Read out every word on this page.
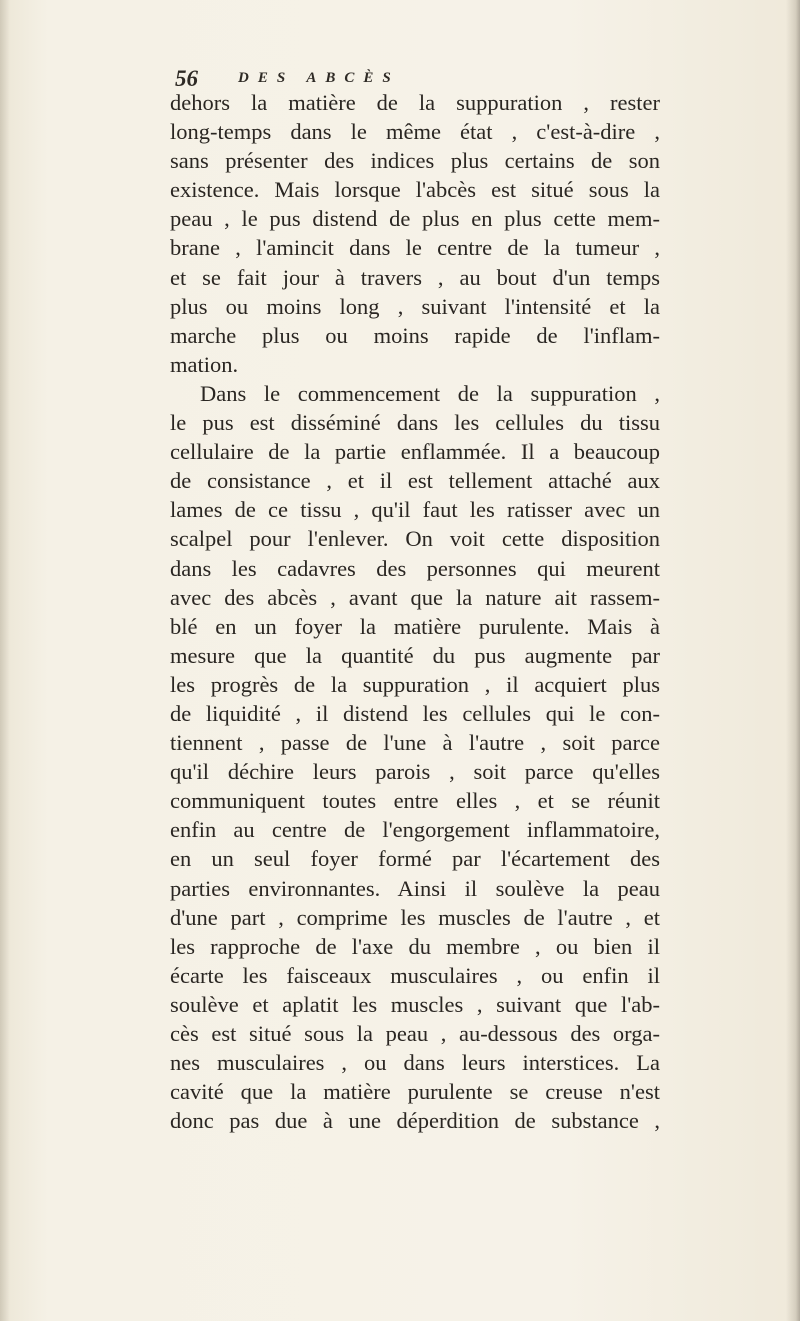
56	DES ABCÈS
dehors la matière de la suppuration , rester
long-temps dans le même état , c'est-à-dire ,
sans présenter des indices plus certains de son
existence. Mais lorsque l'abcès est situé sous la
peau , le pus distend de plus en plus cette mem-
brane , l'amincit dans le centre de la tumeur ,
et se fait jour à travers , au bout d'un temps
plus ou moins long , suivant l'intensité et la
marche plus ou moins rapide de l'inflam-
mation.
Dans le commencement de la suppuration ,
le pus est disséminé dans les cellules du tissu
cellulaire de la partie enflammée. Il a beaucoup
de consistance , et il est tellement attaché aux
lames de ce tissu , qu'il faut les ratisser avec un
scalpel pour l'enlever. On voit cette disposition
dans les cadavres des personnes qui meurent
avec des abcès , avant que la nature ait rassem-
blé en un foyer la matière purulente. Mais à
mesure que la quantité du pus augmente par
les progrès de la suppuration , il acquiert plus
de liquidité , il distend les cellules qui le con-
tiennent , passe de l'une à l'autre , soit parce
qu'il déchire leurs parois , soit parce qu'elles
communiquent toutes entre elles , et se réunit
enfin au centre de l'engorgement inflammatoire,
en un seul foyer formé par l'écartement des
parties environnantes. Ainsi il soulève la peau
d'une part , comprime les muscles de l'autre , et
les rapproche de l'axe du membre , ou bien il
écarte les faisceaux musculaires , ou enfin il
soulève et aplatit les muscles , suivant que l'ab-
cès est situé sous la peau , au-dessous des orga-
nes musculaires , ou dans leurs interstices. La
cavité que la matière purulente se creuse n'est
donc pas due à une déperdition de substance ,
